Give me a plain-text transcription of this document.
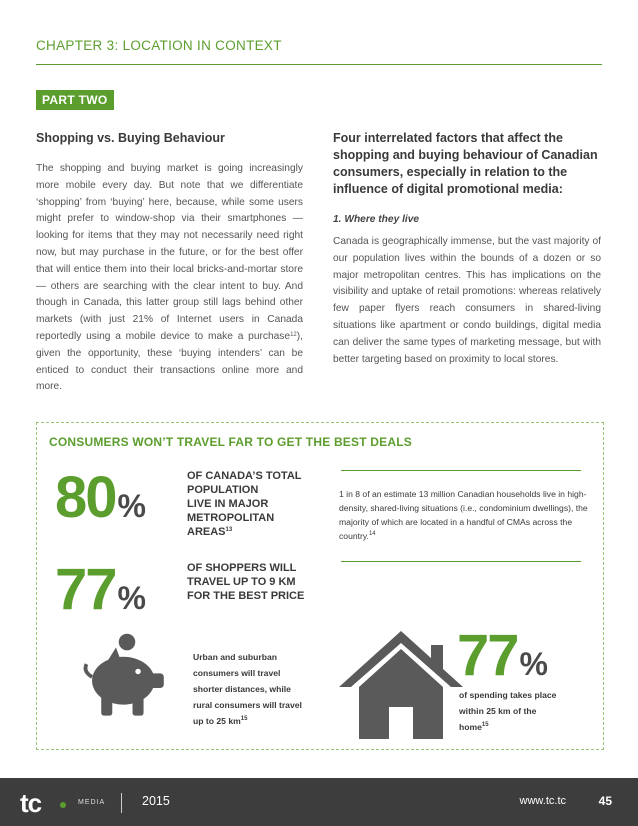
CHAPTER 3: LOCATION IN CONTEXT
PART TWO

Shopping vs. Buying Behaviour

The shopping and buying market is going increasingly more mobile every day. But note that we differentiate ‘shopping’ from ‘buying’ here, because, while some users might prefer to window-shop via their smartphones — looking for items that they may not necessarily need right now, but may purchase in the future, or for the best offer that will entice them into their local bricks-and-mortar store — others are searching with the clear intent to buy. And though in Canada, this latter group still lags behind other markets (with just 21% of Internet users in Canada reportedly using a mobile device to make a purchase$^{12}$), given the opportunity, these ‘buying intenders’ can be enticed to conduct their transactions online more and more.

Four interrelated factors that affect the shopping and buying behaviour of Canadian consumers, especially in relation to the influence of digital promotional media:

1. Where they live

Canada is geographically immense, but the vast majority of our population lives within the bounds of a dozen or so major metropolitan centres. This has implications on the visibility and uptake of retail promotions: whereas relatively few paper flyers reach consumers in shared-living situations like apartment or condo buildings, digital media can deliver the same types of marketing message, but with better targeting based on proximity to local stores.

CONSUMERS WON’T TRAVEL FAR TO GET THE BEST DEALS
80%
OF CANADA’S TOTAL
POPULATION
LIVE IN MAJOR
METROPOLITAN
AREAS$^{13}$
77%
OF SHOPPERS WILL
TRAVEL UP TO 9 KM
FOR THE BEST PRICE
1 in 8 of an estimate 13 million Canadian households live in high-density, shared-living situations (i.e., condominium dwellings), the majority of which are located in a handful of CMAs across the country.$^{14}$
Urban and suburban
consumers will travel
shorter distances, while
rural consumers will travel
up to 25 $km^{15}$
77%
of spending takes place
within 25 km of the
home$^{15}$
tc	MEDIA	2015	www.tc.tc	45
